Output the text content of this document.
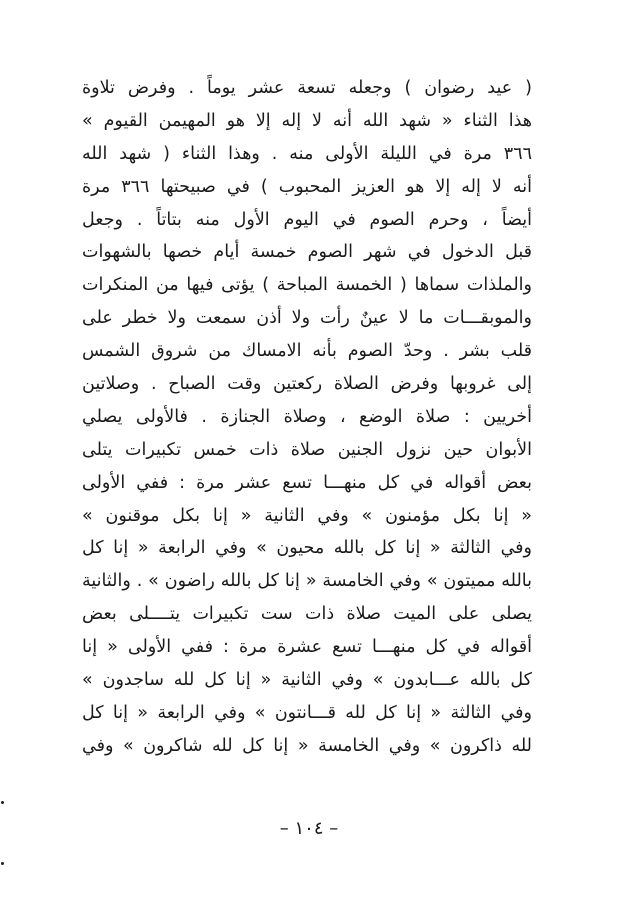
( عيد رضوان ) وجعله تسعة عشر يوماً . وفرض تلاوة
هذا الثناء « شهد الله أنه لا إله إلا هو المهيمن القيوم »
٣٦٦ مرة في الليلة الأولى منه . وهذا الثناء ( شهد الله
أنه لا إله إلا هو العزيز المحبوب ) في صبيحتها ٣٦٦ مرة
أيضاً ، وحرم الصوم في اليوم الأول منه بتاتاً . وجعل
قبل الدخول في شهر الصوم خمسة أيام خصها بالشهوات
والملذات سماها ( الخمسة المباحة ) يؤتى فيها من المنكرات
والموبقـــات ما لا عينٌ رأت ولا أذن سمعت ولا خطر على
قلب بشر . وحدّ الصوم بأنه الامساك من شروق الشمس
إلى غروبها وفرض الصلاة ركعتين وقت الصباح . وصلاتين
أخريين : صلاة الوضع ، وصلاة الجنازة . فالأولى يصلي
الأبوان حين نزول الجنين صلاة ذات خمس تكبيرات يتلى
بعض أقواله في كل منهـــا تسع عشر مرة : ففي الأولى
« إنا بكل مؤمنون » وفي الثانية « إنا بكل موقنون »
وفي الثالثة « إنا كل بالله محيون » وفي الرابعة « إنا كل
بالله مميتون » وفي الخامسة « إنا كل بالله راضون » . والثانية
يصلى على الميت صلاة ذات ست تكبيرات يتــــلى بعض
أقواله في كل منهـــا تسع عشرة مرة : ففي الأولى « إنا
كل بالله عـــابدون » وفي الثانية « إنا كل لله ساجدون »
وفي الثالثة « إنا كل لله قـــانتون » وفي الرابعة « إنا كل
لله ذاكرون » وفي الخامسة « إنا كل لله شاكرون » وفي
– ١٠٤ –
